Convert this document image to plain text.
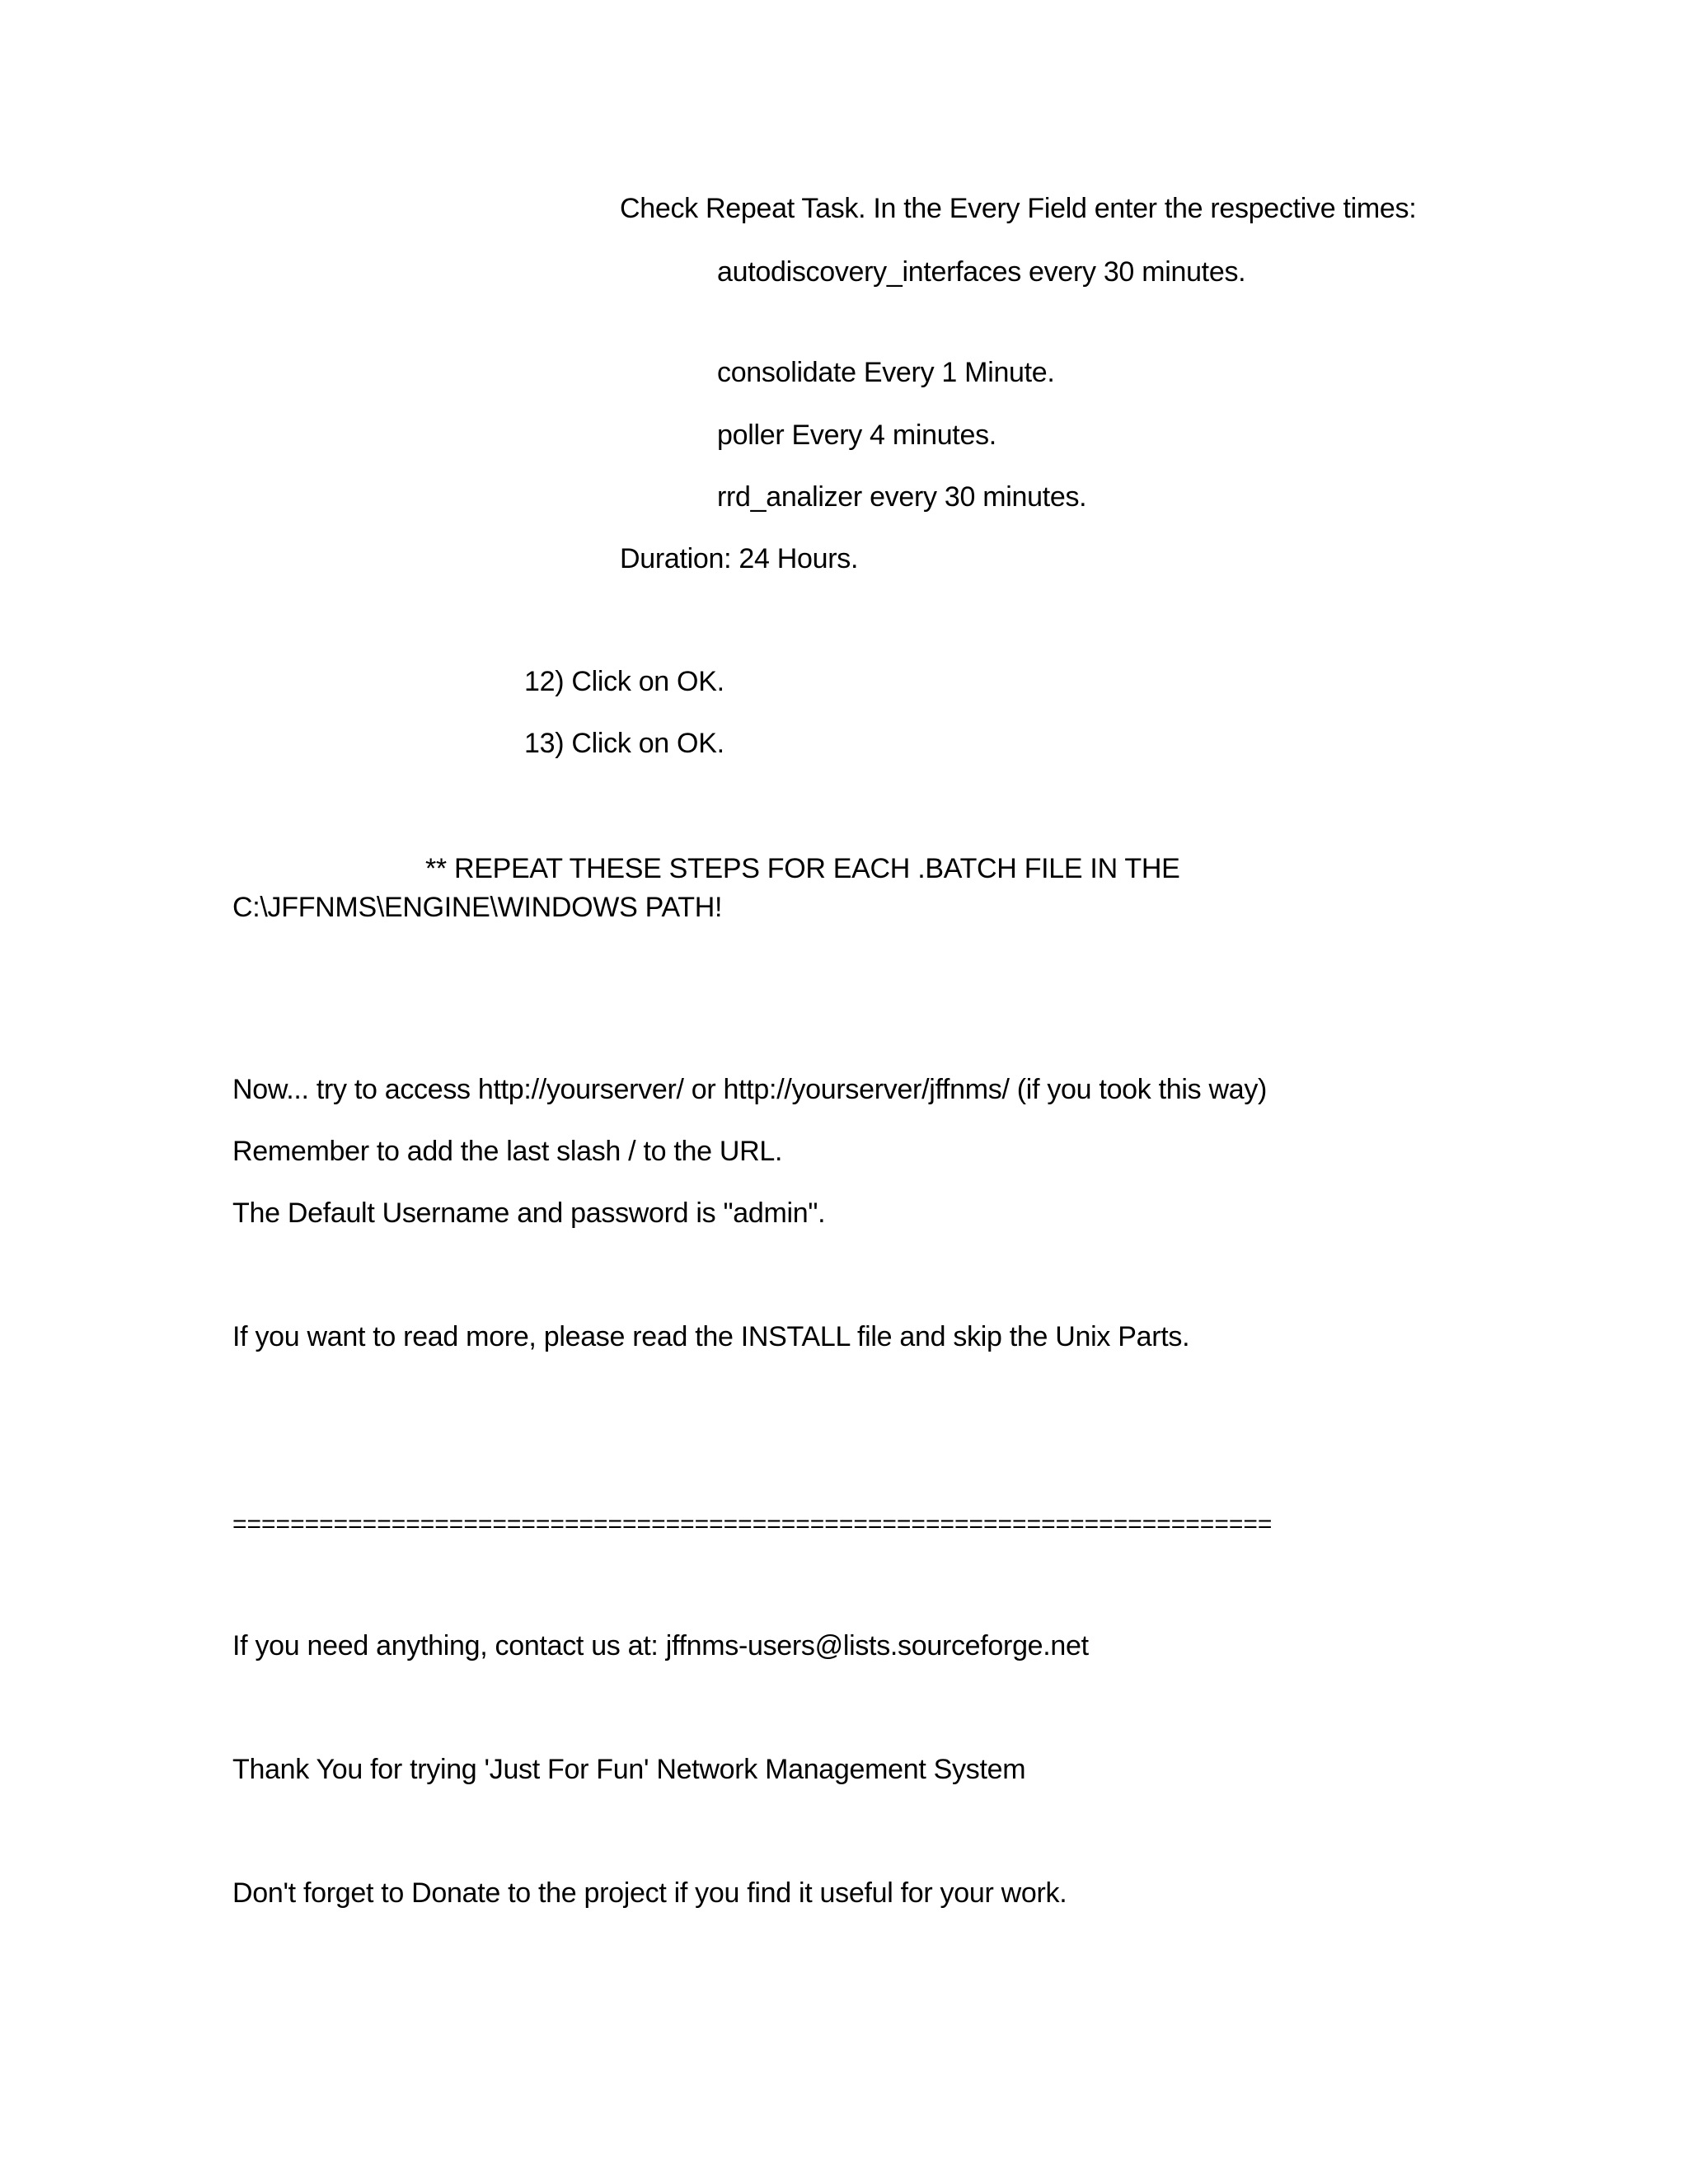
Check Repeat Task. In the Every Field enter the respective times:
autodiscovery_interfaces every 30 minutes.
consolidate Every 1 Minute.
poller Every 4 minutes.
rrd_analizer every 30 minutes.
Duration: 24 Hours.
12) Click on OK.
13) Click on OK.
** REPEAT THESE STEPS FOR EACH .BATCH FILE IN THE
C:\JFFNMS\ENGINE\WINDOWS PATH!
Now... try to access http://yourserver/ or http://yourserver/jffnms/ (if you took this way)
Remember to add the last slash / to the URL.
The Default Username and password is "admin".
If you want to read more, please read the INSTALL file and skip the Unix Parts.
========================================================================
If you need anything, contact us at: jffnms-users@lists.sourceforge.net
Thank You for trying 'Just For Fun' Network Management System
Don't forget to Donate to the project if you find it useful for your work.
